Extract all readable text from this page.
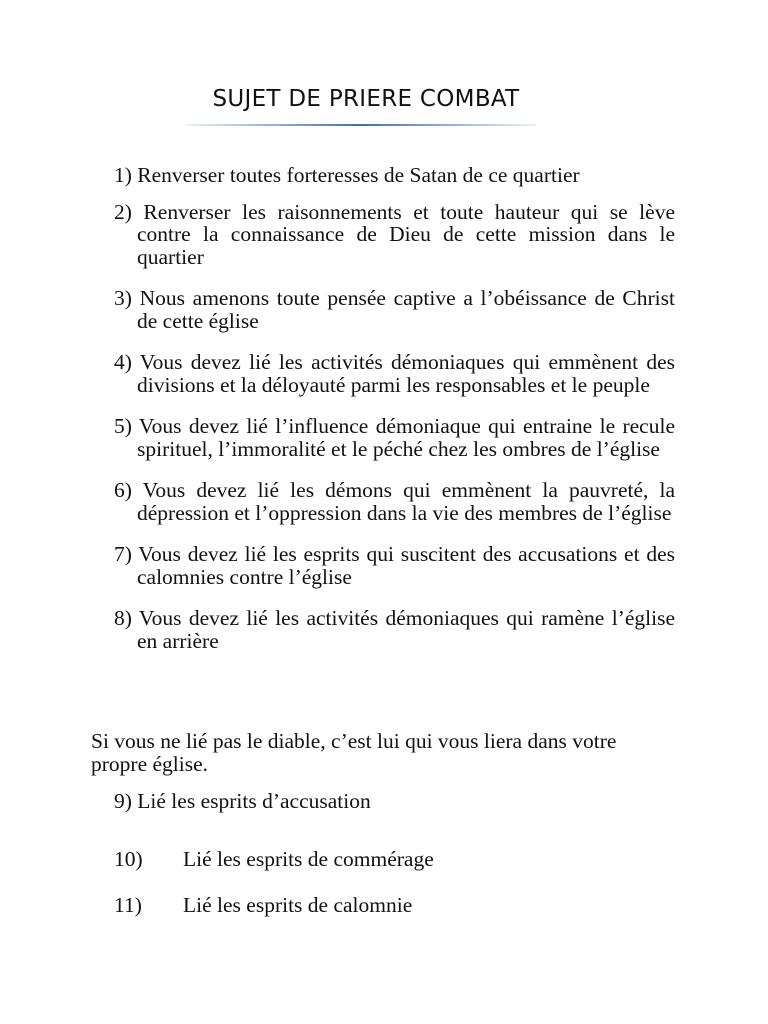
SUJET DE PRIERE COMBAT
1) Renverser toutes forteresses de Satan de ce quartier
2) Renverser les raisonnements et toute hauteur qui se lève contre la connaissance de Dieu de cette mission dans le quartier
3) Nous amenons toute pensée captive a l’obéissance de Christ de cette église
4) Vous devez lié les activités démoniaques qui emmènent des divisions et la déloyauté parmi les responsables et le peuple
5) Vous devez lié l’influence démoniaque qui entraine le recule spirituel, l’immoralité et le péché chez les ombres de l’église
6) Vous devez lié les démons qui emmènent la pauvreté, la dépression et l’oppression dans la vie des membres de l’église
7) Vous devez lié les esprits qui suscitent des accusations et des calomnies contre l’église
8) Vous devez lié les activités démoniaques qui ramène l’église en arrière
Si vous ne lié pas le diable, c’est lui qui vous liera dans votre propre église.
9) Lié les esprits d’accusation
10) Lié les esprits de commérage
11) Lié les esprits de calomnie
